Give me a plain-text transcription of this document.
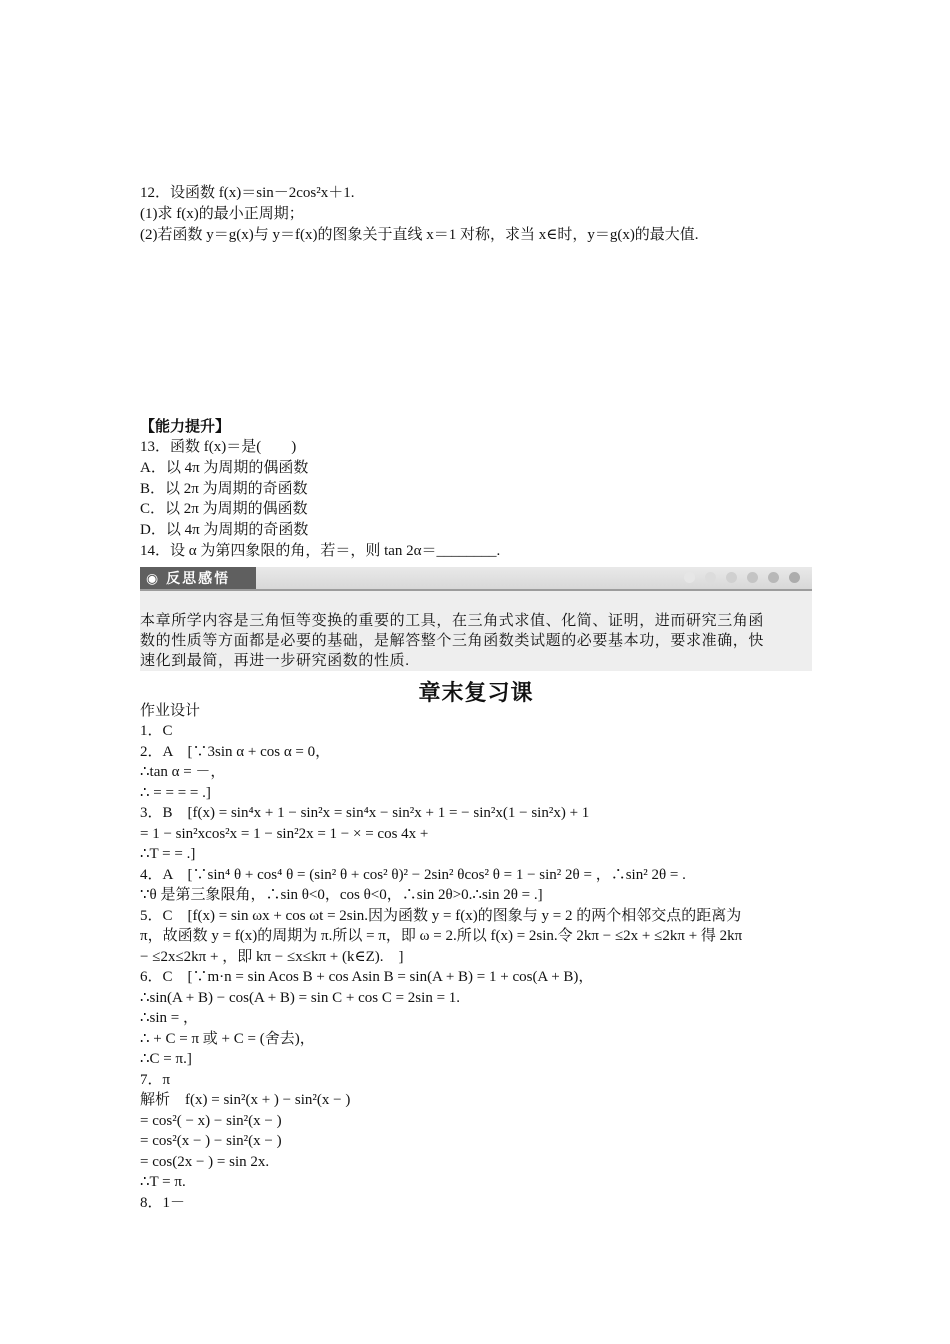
12．设函数 f(x)＝sin－2cos²x＋1.
(1)求 f(x)的最小正周期；
(2)若函数 y＝g(x)与 y＝f(x)的图象关于直线 x＝1 对称，求当 x∈时，y＝g(x)的最大值.
【能力提升】
13．函数 f(x)＝是(　　)
A．以 4π 为周期的偶函数
B．以 2π 为周期的奇函数
C．以 2π 为周期的偶函数
D．以 4π 为周期的奇函数
14．设 α 为第四象限的角，若＝，则 tan 2α＝________.
◉ 反思感悟
本章所学内容是三角恒等变换的重要的工具，在三角式求值、化简、证明，进而研究三角函
数的性质等方面都是必要的基础，是解答整个三角函数类试题的必要基本功，要求准确，快
速化到最简，再进一步研究函数的性质.
章末复习课
作业设计
1．C
2．A　[∵3sin α + cos α = 0，
∴tan α = －，
∴ = = = = .]
3．B　[f(x) = sin⁴x + 1 − sin²x = sin⁴x − sin²x + 1 = − sin²x(1 − sin²x) + 1
= 1 − sin²xcos²x = 1 − sin²2x = 1 − × = cos 4x +
∴T = = .]
4．A　[∵sin⁴ θ + cos⁴ θ = (sin² θ + cos² θ)² − 2sin² θcos² θ = 1 − sin² 2θ = ，∴sin² 2θ = .
∵θ 是第三象限角，∴sin θ<0，cos θ<0，∴sin 2θ>0.∴sin 2θ = .]
5．C　[f(x) = sin ωx + cos ωt = 2sin.因为函数 y = f(x)的图象与 y = 2 的两个相邻交点的距离为
π，故函数 y = f(x)的周期为 π.所以 = π，即 ω = 2.所以 f(x) = 2sin.令 2kπ − ≤2x + ≤2kπ + 得 2kπ
− ≤2x≤2kπ + ，即 kπ − ≤x≤kπ + (k∈Z).　]
6．C　[∵m·n = sin Acos B + cos Asin B = sin(A + B) = 1 + cos(A + B)，
∴sin(A + B) − cos(A + B) = sin C + cos C = 2sin = 1.
∴sin = ，
∴ + C = π 或 + C = (舍去)，
∴C = π.]
7．π
解析　f(x) = sin²(x + ) − sin²(x − )
= cos²( − x) − sin²(x − )
= cos²(x − ) − sin²(x − )
= cos(2x − ) = sin 2x.
∴T = π.
8．1－
